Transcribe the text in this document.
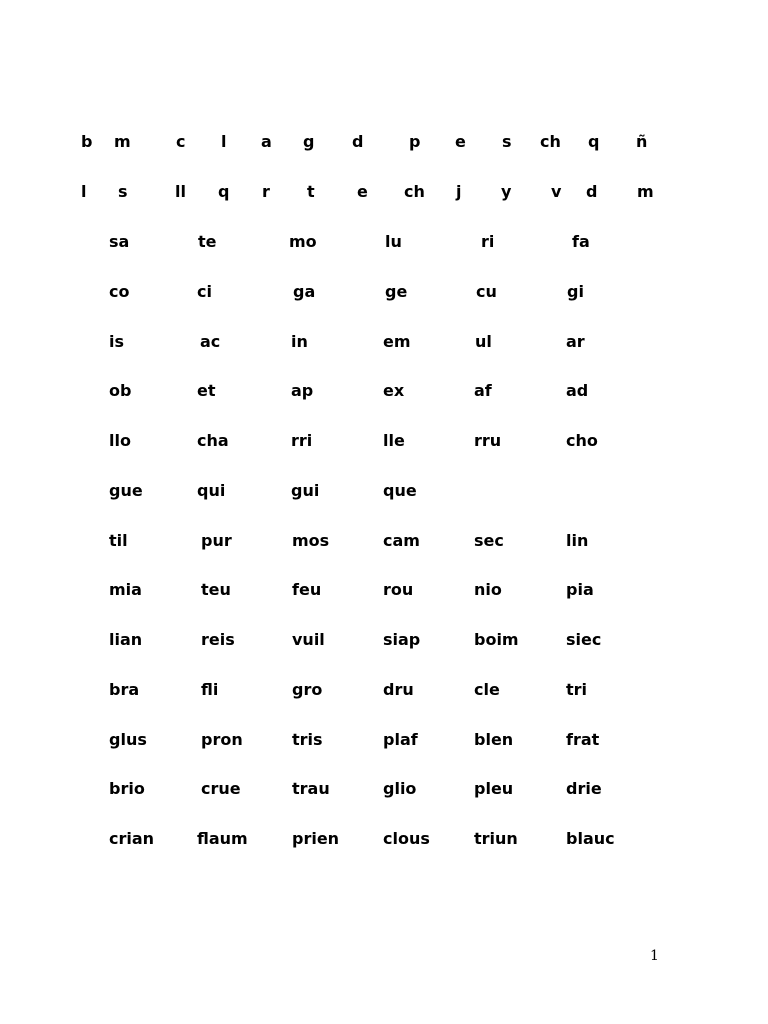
b m	c l a g d	p e s ch q ñ
l s	ll q r t	e ch j y v d m
sa	te	mo	lu	ri	fa
co	ci	ga	ge	cu	gi
is	ac	in	em	ul	ar
ob	et	ap	ex	af	ad
llo	cha	rri	lle	rru	cho
gue	qui	gui	que
til	pur	mos	cam	sec	lin
mia	teu	feu	rou	nio	pia
lian	reis	vuil	siap	boim	siec
bra	fli	gro	dru	cle	tri
glus	pron	tris	plaf	blen	frat
brio	crue	trau	glio	pleu	drie
crian	flaum	prien	clous	triun	blauc
1
